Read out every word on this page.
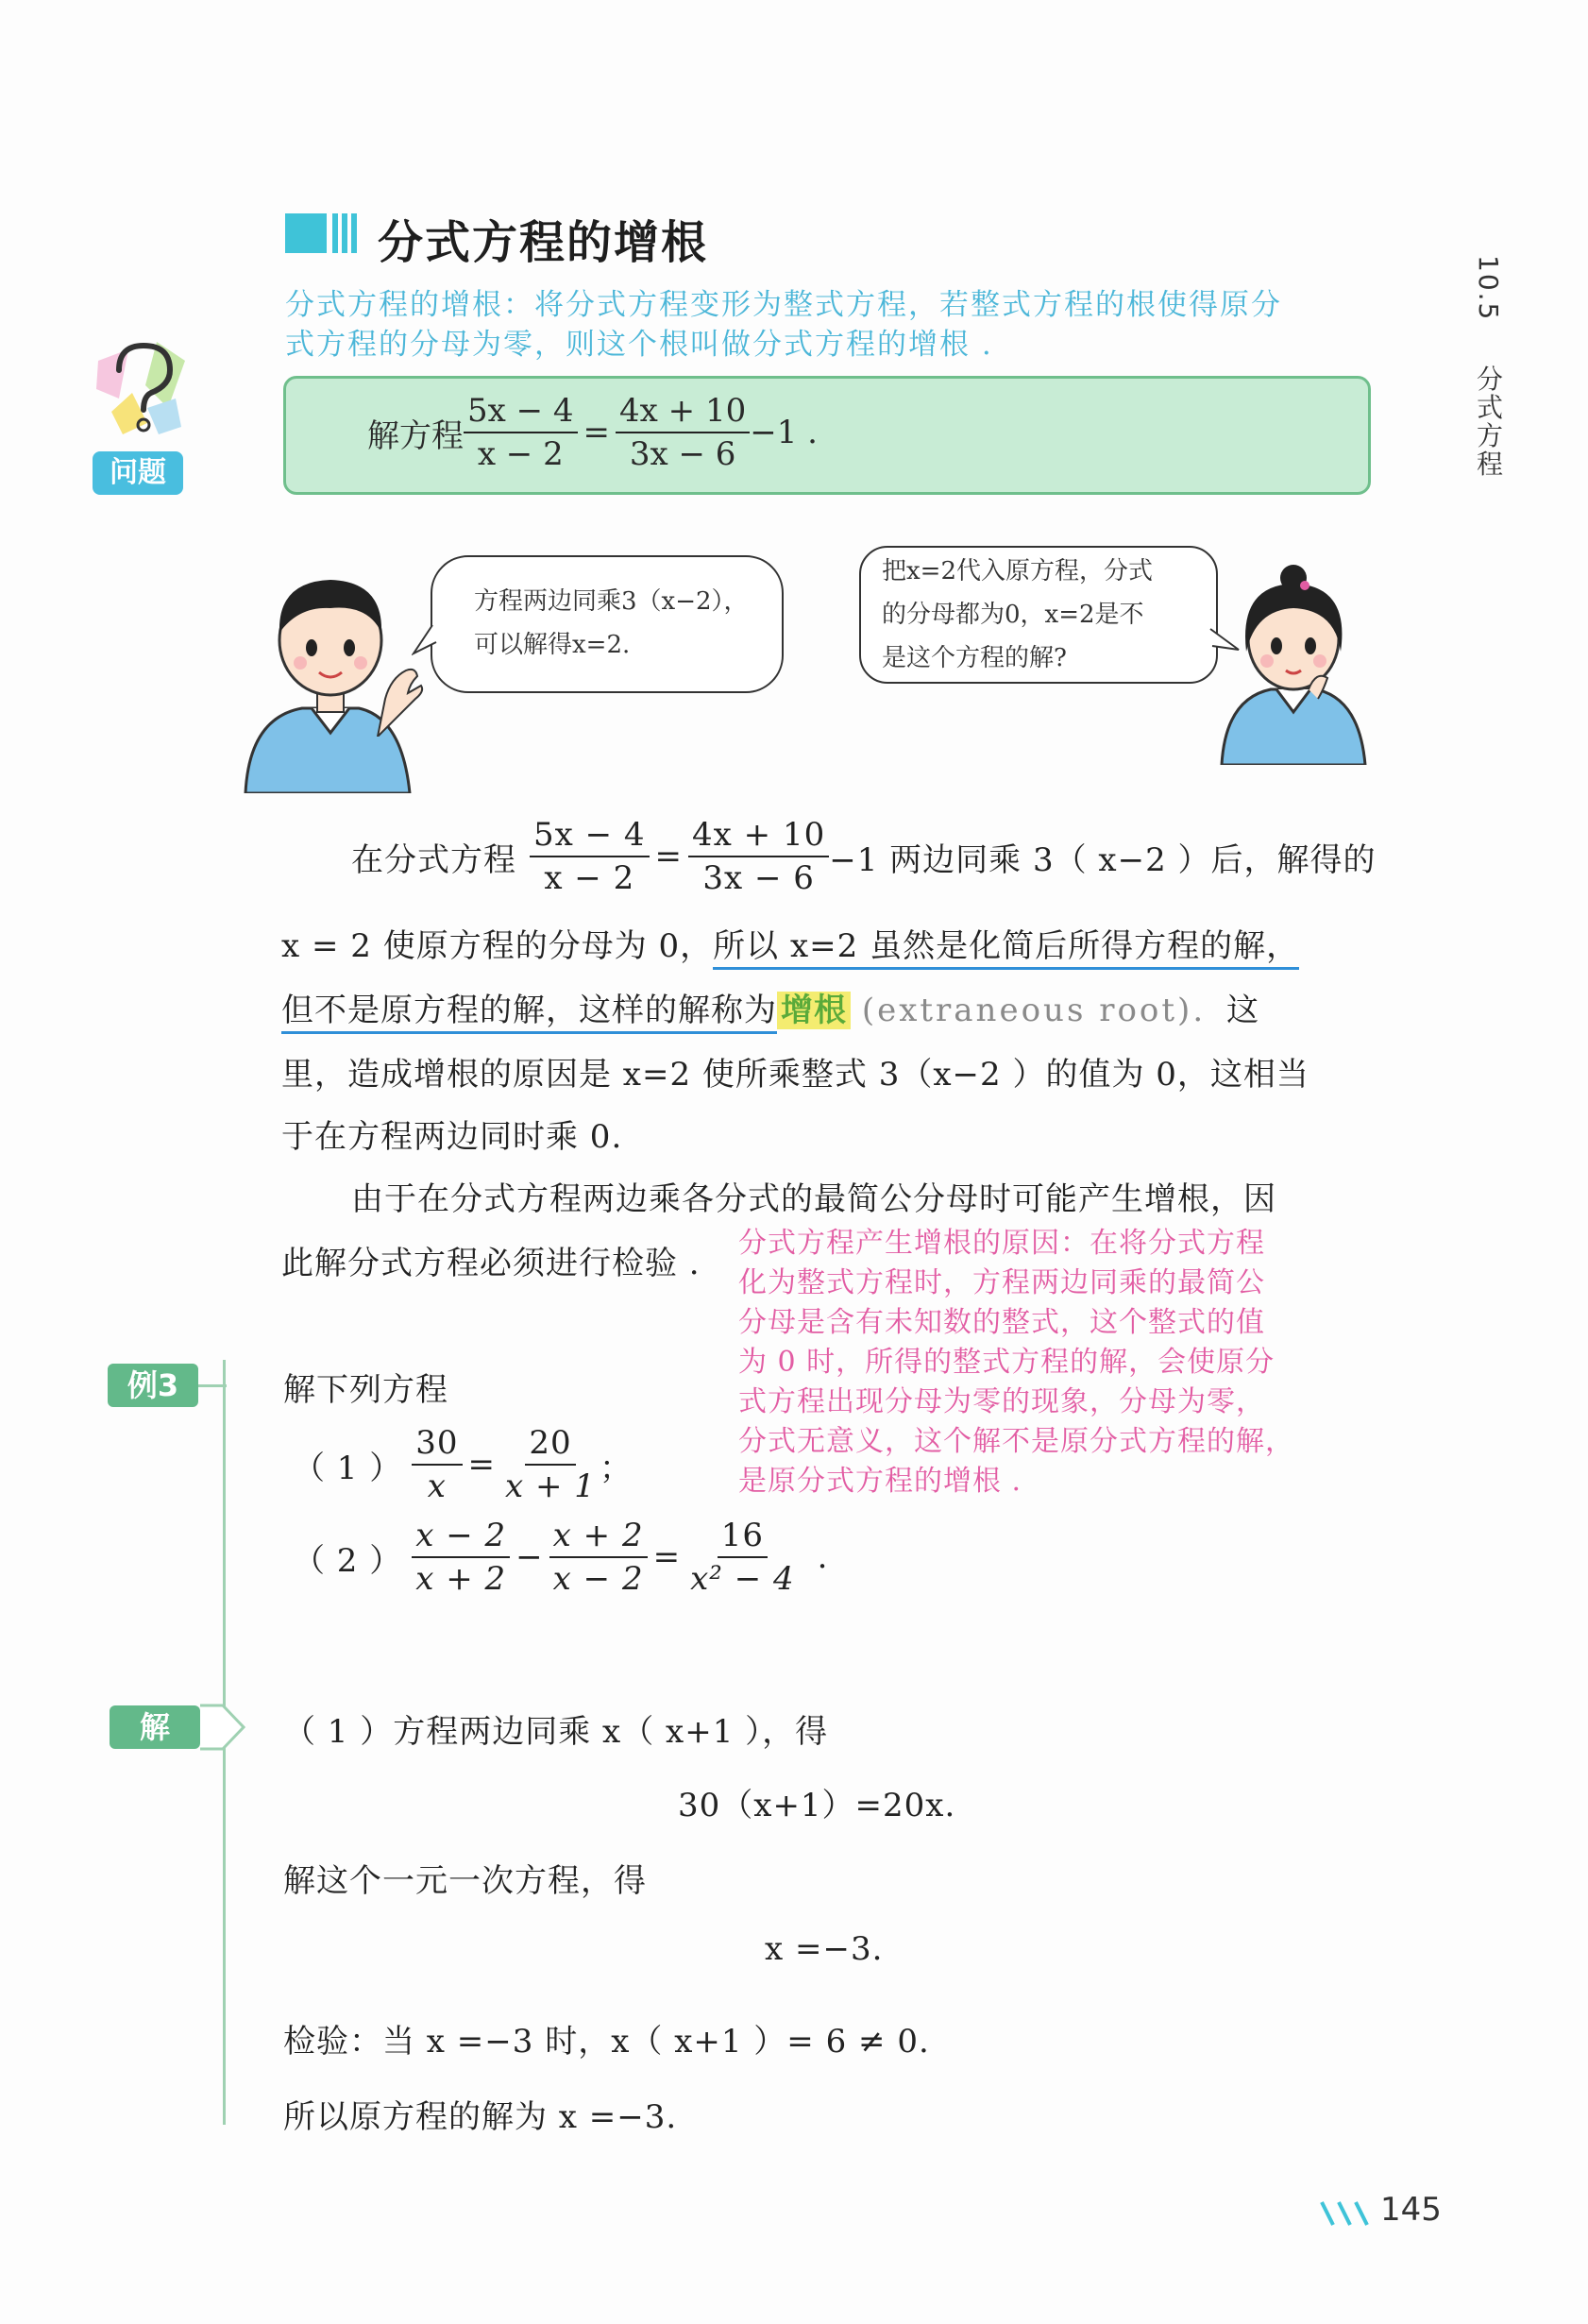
分式方程的增根
分式方程的增根：将分式方程变形为整式方程，若整式方程的根使得原分
式方程的分母为零，则这个根叫做分式方程的增根 .
10.5  分式方程
问题
解方程 $\frac{5x - 4}{x - 2} = \frac{4x + 10}{3x - 6} -1$ .
方程两边同乘3（x−2），
可以解得x=2.
把x=2代入原方程，分式
的分母都为0，x=2是不
是这个方程的解?
在分式方程 $\frac{5x - 4}{x - 2} = \frac{4x + 10}{3x - 6} -1$ 两边同乘 3（ x−2 ）后，解得的
x = 2 使原方程的分母为 0，所以 x=2 虽然是化简后所得方程的解，
但不是原方程的解，这样的解称为 增根 (extraneous root). 这
里，造成增根的原因是 x=2 使所乘整式 3（x−2 ）的值为 0，这相当
于在方程两边同时乘 0.
由于在分式方程两边乘各分式的最简公分母时可能产生增根，因
此解分式方程必须进行检验 .
分式方程产生增根的原因：在将分式方程
化为整式方程时，方程两边同乘的最简公
分母是含有未知数的整式，这个整式的值
为 0 时，所得的整式方程的解，会使原分
式方程出现分母为零的现象，分母为零，
分式无意义，这个解不是原分式方程的解，
是原分式方程的增根 .
例3	解下列方程
（ 1 ） $\frac{30}{x} = \frac{20}{x + 1}$ ；
（ 2 ） $\frac{x - 2}{x + 2} - \frac{x + 2}{x - 2} = \frac{16}{\text{x² − 4}}$ .
解	（ 1 ）方程两边同乘 x（ x+1 ），得
30（x+1）=20x.
解这个一元一次方程，得
x =−3.
检验：当 x =−3 时，x（ x+1 ）= 6 ≠ 0.
所以原方程的解为 x =−3.
145
